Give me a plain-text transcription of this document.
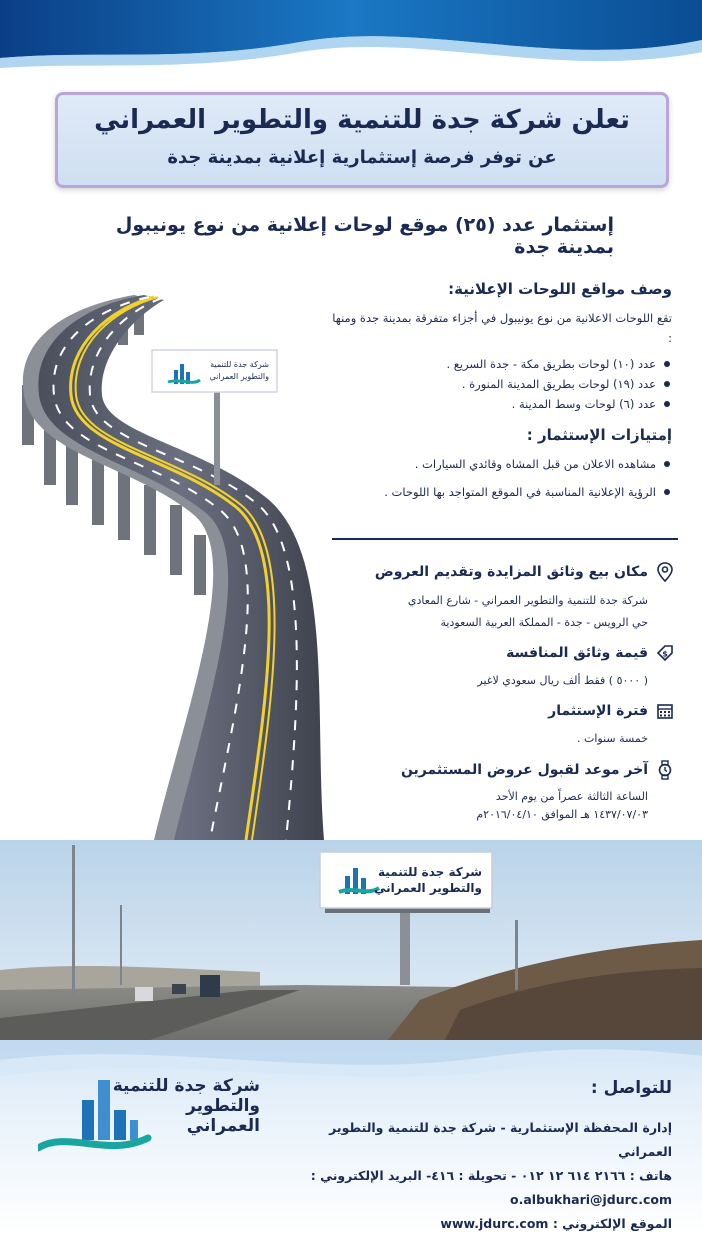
تعلن شركة جدة للتنمية والتطوير العمراني
عن توفر فرصة إستثمارية إعلانية بمدينة جدة
إستثمار عدد (٢٥) موقع لوحات إعلانية من نوع يونيبول بمدينة جدة
شركة جدة للتنمية
والتطوير العمراني
وصف مواقع اللوحات الإعلانية:
تقع اللوحات الاعلانية من نوع يونيبول في أجزاء متفرقة بمدينة جدة ومنها :
عدد (١٠) لوحات بطريق مكة - جدة السريع .
عدد (١٩) لوحات بطريق المدينة المنورة .
عدد (٦) لوحات وسط المدينة .
إمتيازات الإستثمار :
مشاهده الاعلان من قبل المشاه وقائدي السيارات .
الرؤية الإعلانية المناسبة في الموقع المتواجد بها اللوحات .
مكان بيع وثائق المزايدة وتقديم العروض
شركة جدة للتنمية والتطوير العمراني - شارع المعادي
حي الرويس - جدة - المملكة العربية السعودية
$
قيمة وثائق المنافسة
( ٥٠٠٠ ) فقط ألف ريال سعودي لاغير
فترة الإستثمار
خمسة سنوات .
آخر موعد لقبول عروض المستثمرين
الساعة الثالثة عصراً من يوم الأحد
١٤٣٧/٠٧/٠٣ هـ الموافق ٢٠١٦/٠٤/١٠م
شركة جدة للتنمية
والتطوير العمراني
شركة جدة للتنمية
والتطوير العمراني
للتواصل :
إدارة المحفظة الإستثمارية - شركة جدة للتنمية والتطوير العمراني
هاتف : ٢١٦٦ ٦١٤ ١٢ ٠١٢ - تحويلة : ٤١٦- البريد الإلكتروني : o.albukhari@jdurc.com
الموقع الإلكتروني : www.jdurc.com
